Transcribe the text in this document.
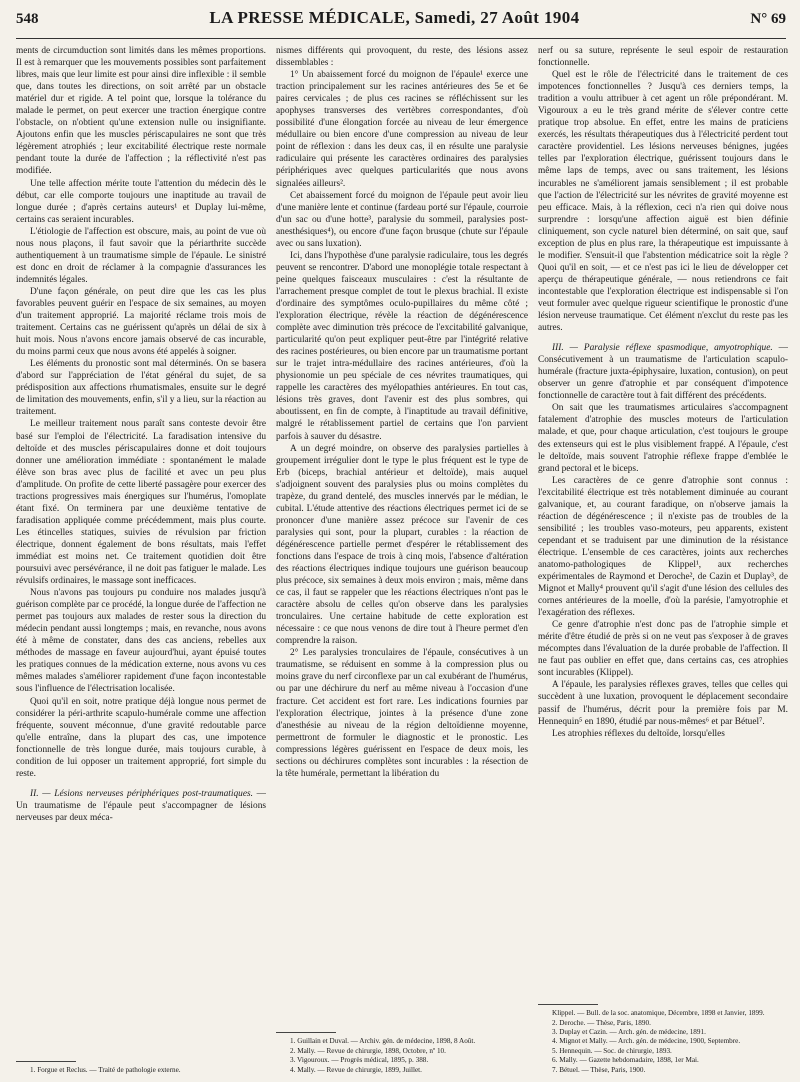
548	LA PRESSE MÉDICALE, Samedi, 27 Août 1904	N° 69

ments de circumduction sont limités dans les mêmes proportions. Il est à remarquer que les mouvements possibles sont parfaitement libres, mais que leur limite est pour ainsi dire inflexible : il semble que, dans toutes les directions, on soit arrêté par un obstacle matériel dur et rigide. A tel point que, lorsque la tolérance du malade le permet, on peut exercer une traction énergique contre l'obstacle, on n'obtient qu'une extension nulle ou insignifiante. Ajoutons enfin que les muscles périscapulaires ne sont que très légèrement atrophiés ; leur excitabilité électrique reste normale pendant toute la durée de l'affection ; la réflectivité n'est pas modifiée.

Une telle affection mérite toute l'attention du médecin dès le début, car elle comporte toujours une inaptitude au travail de longue durée ; d'après certains auteurs¹ et Duplay lui-même, certains cas seraient incurables.

L'étiologie de l'affection est obscure, mais, au point de vue où nous nous plaçons, il faut savoir que la périarthrite succède authentiquement à un traumatisme simple de l'épaule. Le sinistré est donc en droit de réclamer à la compagnie d'assurances les indemnités légales.

D'une façon générale, on peut dire que les cas les plus favorables peuvent guérir en l'espace de six semaines, au moyen d'un traitement approprié. La majorité réclame trois mois de traitement. Certains cas ne guérissent qu'après un délai de six à huit mois. Nous n'avons encore jamais observé de cas incurable, du moins parmi ceux que nous avons été appelés à soigner.

Les éléments du pronostic sont mal déterminés. On se basera d'abord sur l'appréciation de l'état général du sujet, de sa prédisposition aux affections rhumatismales, ensuite sur le degré de limitation des mouvements, enfin, s'il y a lieu, sur la réaction au traitement.

Le meilleur traitement nous paraît sans conteste devoir être basé sur l'emploi de l'électricité. La faradisation intensive du deltoïde et des muscles périscapulaires donne et doit toujours donner une amélioration immédiate : spontanément le malade élève son bras avec plus de facilité et avec un peu plus d'amplitude. On profite de cette liberté passagère pour exercer des tractions progressives mais énergiques sur l'humérus, l'omoplate étant fixé. On terminera par une deuxième tentative de faradisation appliquée comme précédemment, mais plus courte. Les étincelles statiques, suivies de révulsion par friction électrique, donnent également de bons résultats, mais l'effet immédiat est moins net. Ce traitement quotidien doit être poursuivi avec persévérance, il ne doit pas fatiguer le malade. Les révulsifs ordinaires, le massage sont inefficaces.

Nous n'avons pas toujours pu conduire nos malades jusqu'à guérison complète par ce procédé, la longue durée de l'affection ne permet pas toujours aux malades de rester sous la direction du médecin pendant aussi longtemps ; mais, en revanche, nous avons été à même de constater, dans des cas anciens, rebelles aux méthodes de massage en faveur aujourd'hui, ayant épuisé toutes les pratiques connues de la médication externe, nous avons vu ces mêmes malades s'améliorer rapidement d'une façon incontestable sous l'influence de l'électrisation localisée.

Quoi qu'il en soit, notre pratique déjà longue nous permet de considérer la péri-arthrite scapulo-humérale comme une affection fréquente, souvent méconnue, d'une gravité redoutable parce qu'elle entraîne, dans la plupart des cas, une impotence fonctionnelle de très longue durée, mais toujours curable, à condition de lui opposer un traitement approprié, fort simple du reste.

II. — Lésions nerveuses périphériques post-traumatiques. — Un traumatisme de l'épaule peut s'accompagner de lésions nerveuses par deux méca-

1. Forgue et Reclus. — Traité de pathologie externe.

nismes différents qui provoquent, du reste, des lésions assez dissemblables :

1° Un abaissement forcé du moignon de l'épaule¹ exerce une traction principalement sur les racines antérieures des 5e et 6e paires cervicales ; de plus ces racines se réfléchissent sur les apophyses transverses des vertèbres correspondantes, d'où possibilité d'une élongation forcée au niveau de leur émergence médullaire ou bien encore d'une compression au niveau de leur point de réflexion : dans les deux cas, il en résulte une paralysie radiculaire qui présente les caractères ordinaires des paralysies périphériques avec quelques particularités que nous avons signalées ailleurs².

Cet abaissement forcé du moignon de l'épaule peut avoir lieu d'une manière lente et continue (fardeau porté sur l'épaule, courroie d'un sac ou d'une hotte³, paralysie du sommeil, paralysies post-anesthésiques⁴), ou encore d'une façon brusque (chute sur l'épaule avec ou sans luxation).

Ici, dans l'hypothèse d'une paralysie radiculaire, tous les degrés peuvent se rencontrer. D'abord une monoplégie totale respectant à peine quelques faisceaux musculaires : c'est la résultante de l'arrachement presque complet de tout le plexus brachial. Il existe d'ordinaire des symptômes oculo-pupillaires du même côté ; l'exploration électrique, révèle la réaction de dégénérescence complète avec diminution très précoce de l'excitabilité galvanique, particularité qu'on peut expliquer peut-être par l'intégrité relative des racines postérieures, ou bien encore par un traumatisme portant sur le trajet intra-médullaire des racines antérieures, d'où la physionomie un peu spéciale de ces névrites traumatiques, qui rappelle les caractères des myélopathies antérieures. En tout cas, lésions très graves, dont l'avenir est des plus sombres, qui aboutissent, en fin de compte, à l'inaptitude au travail définitive, malgré le rétablissement partiel de certains que l'on parvient parfois à sauver du désastre.

A un degré moindre, on observe des paralysies partielles à groupement irrégulier dont le type le plus fréquent est le type de Erb (biceps, brachial antérieur et deltoïde), mais auquel s'adjoignent souvent des paralysies plus ou moins complètes du trapèze, du grand dentelé, des muscles innervés par le médian, le cubital. L'étude attentive des réactions électriques permet ici de se prononcer d'une manière assez précoce sur l'avenir de ces paralysies qui sont, pour la plupart, curables : la réaction de dégénérescence partielle permet d'espérer le rétablissement des fonctions dans l'espace de trois à cinq mois, l'absence d'altération des réactions électriques indique toujours une guérison beaucoup plus précoce, six semaines à deux mois environ ; mais, même dans ce cas, il faut se rappeler que les réactions électriques n'ont pas le caractère absolu de celles qu'on observe dans les paralysies tronculaires. Une certaine habitude de cette exploration est nécessaire : ce que nous venons de dire tout à l'heure permet d'en comprendre la raison.

2° Les paralysies tronculaires de l'épaule, consécutives à un traumatisme, se réduisent en somme à la compression plus ou moins grave du nerf circonflexe par un cal exubérant de l'humérus, ou par une déchirure du nerf au même niveau à l'occasion d'une fracture. Cet accident est fort rare. Les indications fournies par l'exploration électrique, jointes à la présence d'une zone d'anesthésie au niveau de la région deltoïdienne moyenne, permettront de formuler le diagnostic et le pronostic. Les compressions légères guérissent en l'espace de deux mois, les sections ou déchirures complètes sont incurables : la résection de la tête humérale, permettant la libération du

1. Guillain et Duval. — Archiv. gén. de médecine, 1898, 8 Août.

2. Mally. — Revue de chirurgie, 1898, Octobre, nº 10.

3. Vigouroux. — Progrès médical, 1895, p. 388.

4. Mally. — Revue de chirurgie, 1899, Juillet.

nerf ou sa suture, représente le seul espoir de restauration fonctionnelle.

Quel est le rôle de l'électricité dans le traitement de ces impotences fonctionnelles ? Jusqu'à ces derniers temps, la tradition a voulu attribuer à cet agent un rôle prépondérant. M. Vigouroux a eu le très grand mérite de s'élever contre cette pratique trop absolue. En effet, entre les mains de praticiens exercés, les résultats thérapeutiques dus à l'électricité perdent tout caractère providentiel. Les lésions nerveuses bénignes, jugées telles par l'exploration électrique, guérissent toujours dans le même laps de temps, avec ou sans traitement, les lésions incurables ne s'améliorent jamais sensiblement ; il est probable que l'action de l'électricité sur les névrites de gravité moyenne est peu efficace. Mais, à la réflexion, ceci n'a rien qui doive nous surprendre : lorsqu'une affection aiguë est bien définie cliniquement, son cycle naturel bien déterminé, on sait que, sauf exception de plus en plus rare, la thérapeutique est impuissante à le modifier. S'ensuit-il que l'abstention médicatrice soit la règle ? Quoi qu'il en soit, — et ce n'est pas ici le lieu de développer cet aperçu de thérapeutique générale, — nous retiendrons ce fait incontestable que l'exploration électrique est indispensable si l'on veut formuler avec quelque rigueur scientifique le pronostic d'une lésion nerveuse traumatique. Cet élément n'exclut du reste pas les autres.

III. — Paralysie réflexe spasmodique, amyotrophique. — Consécutivement à un traumatisme de l'articulation scapulo-humérale (fracture juxta-épiphysaire, luxation, contusion), on peut observer un genre d'atrophie et par conséquent d'impotence fonctionnelle de caractère tout à fait différent des précédents.

On sait que les traumatismes articulaires s'accompagnent fatalement d'atrophie des muscles moteurs de l'articulation malade, et que, pour chaque articulation, c'est toujours le groupe des extenseurs qui est le plus visiblement frappé. A l'épaule, c'est le deltoïde, mais souvent l'atrophie réflexe frappe d'emblée le grand pectoral et le biceps.

Les caractères de ce genre d'atrophie sont connus : l'excitabilité électrique est très notablement diminuée au courant galvanique, et, au courant faradique, on n'observe jamais la réaction de dégénérescence ; il n'existe pas de troubles de la sensibilité ; les troubles vaso-moteurs, peu apparents, existent cependant et se traduisent par une diminution de la résistance électrique. L'ensemble de ces caractères, joints aux recherches anatomo-pathologiques de Klippel¹, aux recherches expérimentales de Raymond et Deroche², de Cazin et Duplay³, de Mignot et Mally⁴ prouvent qu'il s'agit d'une lésion des cellules des cornes antérieures de la moelle, d'où la parésie, l'amyotrophie et l'exagération des réflexes.

Ce genre d'atrophie n'est donc pas de l'atrophie simple et mérite d'être étudié de près si on ne veut pas s'exposer à de graves mécomptes dans l'évaluation de la durée probable de l'affection. Il ne faut pas oublier en effet que, dans certains cas, ces atrophies sont incurables (Klippel).

A l'épaule, les paralysies réflexes graves, telles que celles qui succèdent à une luxation, provoquent le déplacement secondaire passif de l'humérus, décrit pour la première fois par M. Hennequin⁵ en 1890, étudié par nous-mêmes⁶ et par Bétuel⁷.

Les atrophies réflexes du deltoïde, lorsqu'elles

Klippel. — Bull. de la soc. anatomique, Décembre, 1898 et Janvier, 1899.

2. Deroche. — Thèse, Paris, 1890.

3. Duplay et Cazin. — Arch. gén. de médecine, 1891.

4. Mignot et Mally. — Arch. gén. de médecine, 1900, Septembre.

5. Hennequin. — Soc. de chirurgie, 1893.

6. Mally. — Gazette hebdomadaire, 1898, 1er Mai.

7. Bétuel. — Thèse, Paris, 1900.
